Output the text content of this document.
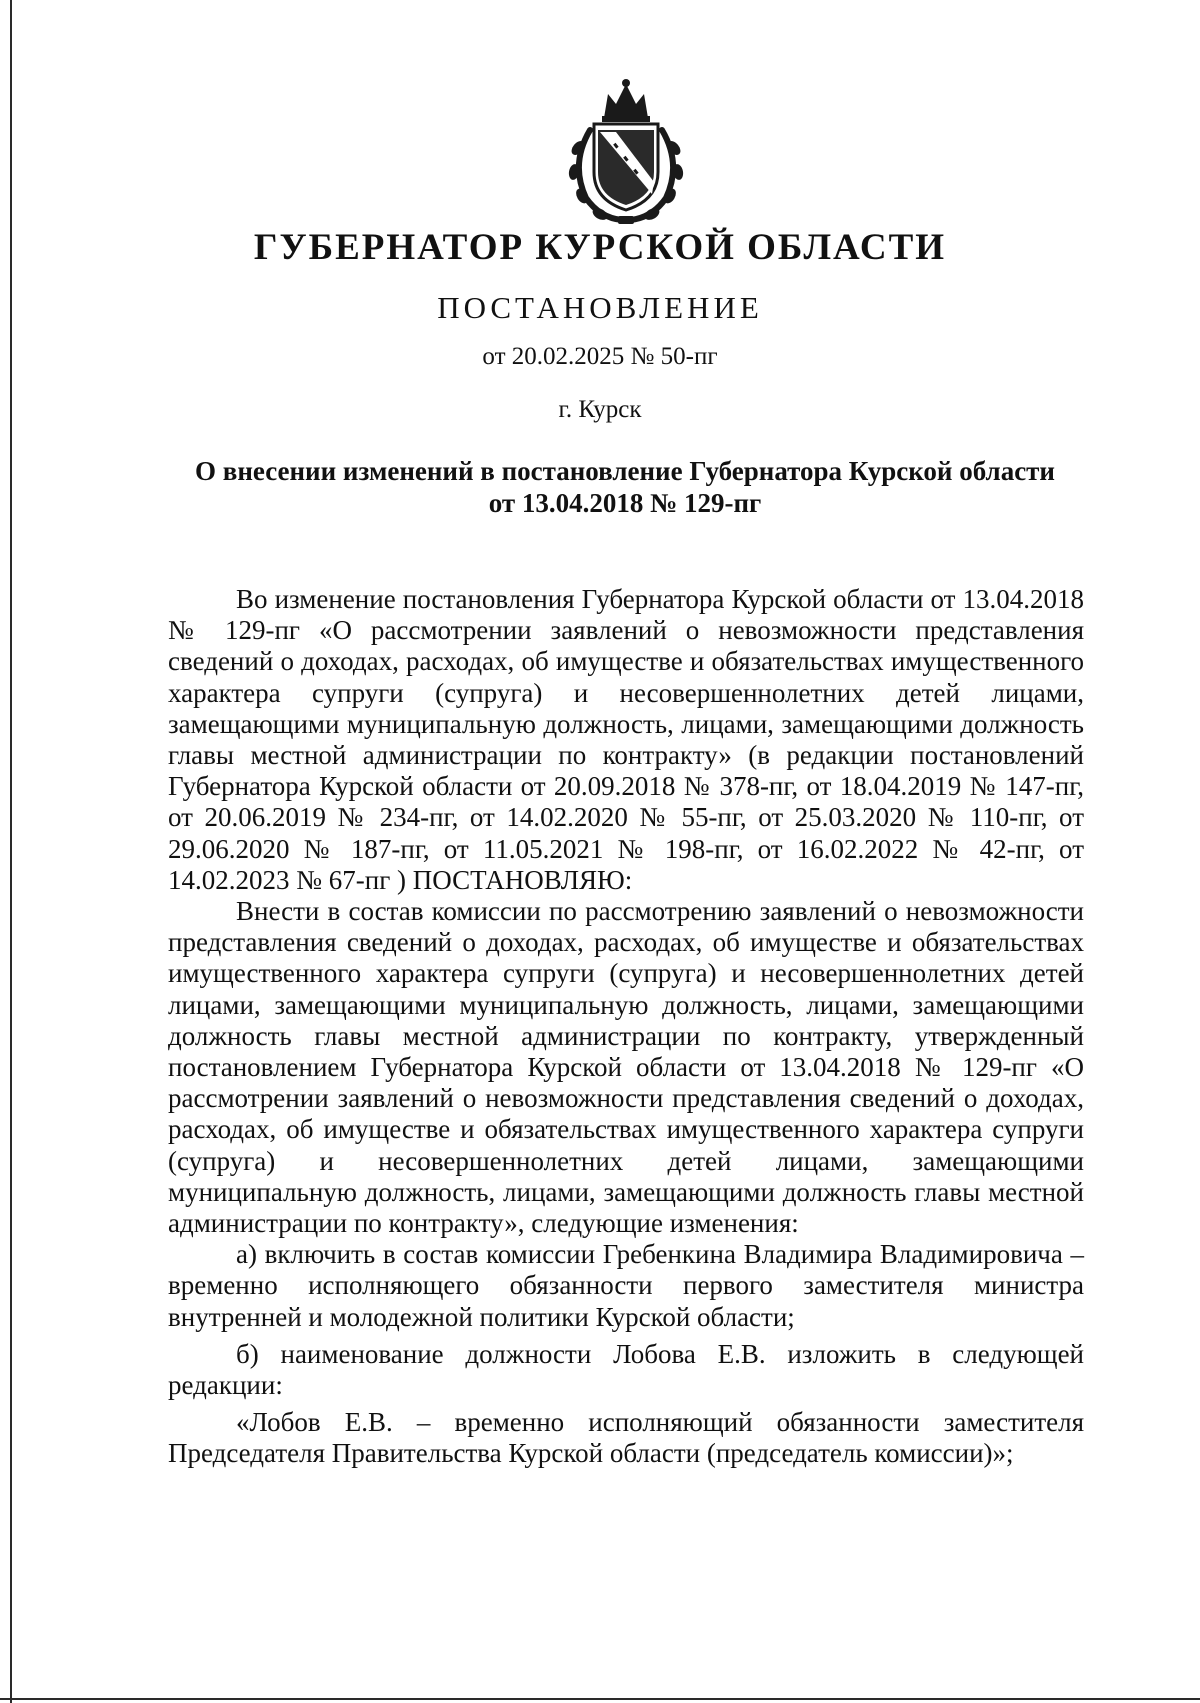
ГУБЕРНАТОР КУРСКОЙ ОБЛАСТИ
ПОСТАНОВЛЕНИЕ
от 20.02.2025 № 50-пг
г. Курск
О внесении изменений в постановление Губернатора Курской области
от 13.04.2018 № 129-пг

Во изменение постановления Губернатора Курской области от 13.04.2018 № 129-пг «О рассмотрении заявлений о невозможности представления сведений о доходах, расходах, об имуществе и обязательствах имущественного характера супруги (супруга) и несовершеннолетних детей лицами, замещающими муниципальную должность, лицами, замещающими должность главы местной администрации по контракту» (в редакции постановлений Губернатора Курской области от 20.09.2018 № 378-пг, от 18.04.2019 № 147-пг, от 20.06.2019 № 234-пг, от 14.02.2020 № 55-пг, от 25.03.2020 № 110-пг, от 29.06.2020 № 187-пг, от 11.05.2021 № 198-пг, от 16.02.2022 № 42-пг, от 14.02.2023 № 67-пг ) ПОСТАНОВЛЯЮ:

Внести в состав комиссии по рассмотрению заявлений о невозможности представления сведений о доходах, расходах, об имуществе и обязательствах имущественного характера супруги (супруга) и несовершеннолетних детей лицами, замещающими муниципальную должность, лицами, замещающими должность главы местной администрации по контракту, утвержденный постановлением Губернатора Курской области от 13.04.2018 № 129-пг «О рассмотрении заявлений о невозможности представления сведений о доходах, расходах, об имуществе и обязательствах имущественного характера супруги (супруга) и несовершеннолетних детей лицами, замещающими муниципальную должность, лицами, замещающими должность главы местной администрации по контракту», следующие изменения:

а) включить в состав комиссии Гребенкина Владимира Владимировича – временно исполняющего обязанности первого заместителя министра внутренней и молодежной политики Курской области;

б) наименование должности Лобова Е.В. изложить в следующей редакции:

«Лобов Е.В. – временно исполняющий обязанности заместителя Председателя Правительства Курской области (председатель комиссии)»;
